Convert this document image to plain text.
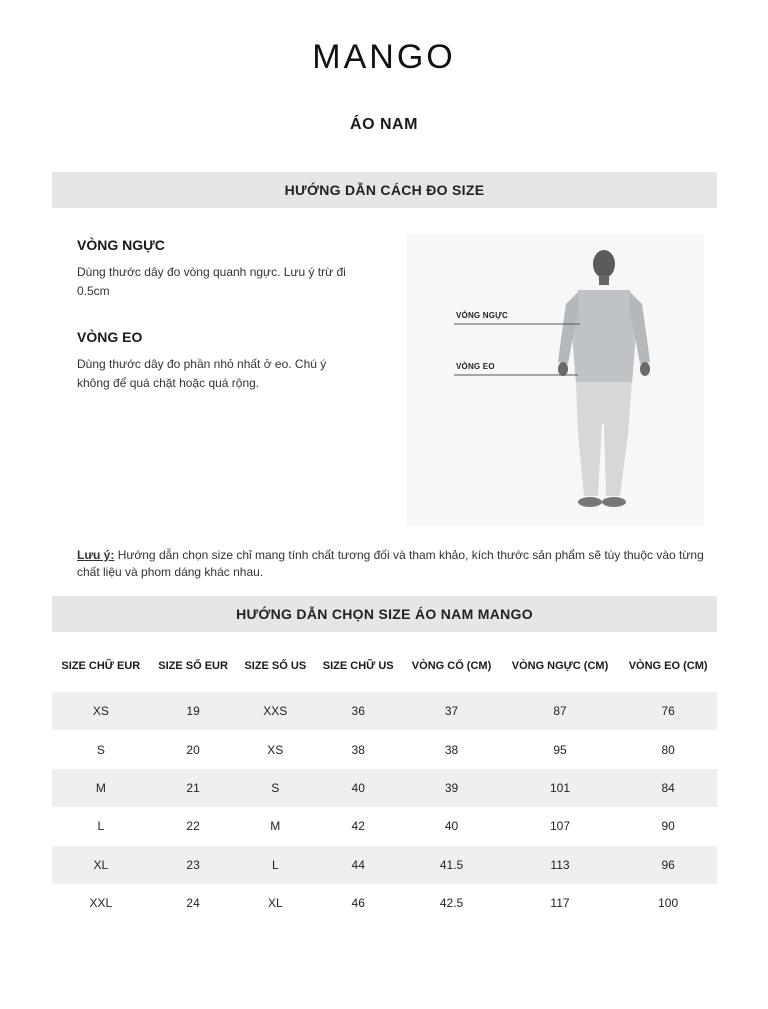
MANGO
ÁO NAM
HƯỚNG DẪN CÁCH ĐO SIZE
VÒNG NGỰC
Dùng thước dây đo vòng quanh ngực. Lưu ý trừ đi 0.5cm
VÒNG EO
Dùng thước dây đo phần nhỏ nhất ở eo. Chú ý không để quá chặt hoặc quá rộng.
VÒNG NGỰC
VÒNG EO
Lưu ý: Hướng dẫn chọn size chỉ mang tính chất tương đối và tham khảo, kích thước sản phẩm sẽ tùy thuộc vào từng chất liệu và phom dáng khác nhau.
HƯỚNG DẪN CHỌN SIZE ÁO NAM MANGO
SIZE CHỮ EUR	SIZE SỐ EUR	SIZE SỐ US	SIZE CHỮ US	VÒNG CỔ (CM)	VÒNG NGỰC (CM)	VÒNG EO (CM)

XS	19	XXS	36	37	87	76
S	20	XS	38	38	95	80
M	21	S	40	39	101	84
L	22	M	42	40	107	90
XL	23	L	44	41.5	113	96
XXL	24	XL	46	42.5	117	100
